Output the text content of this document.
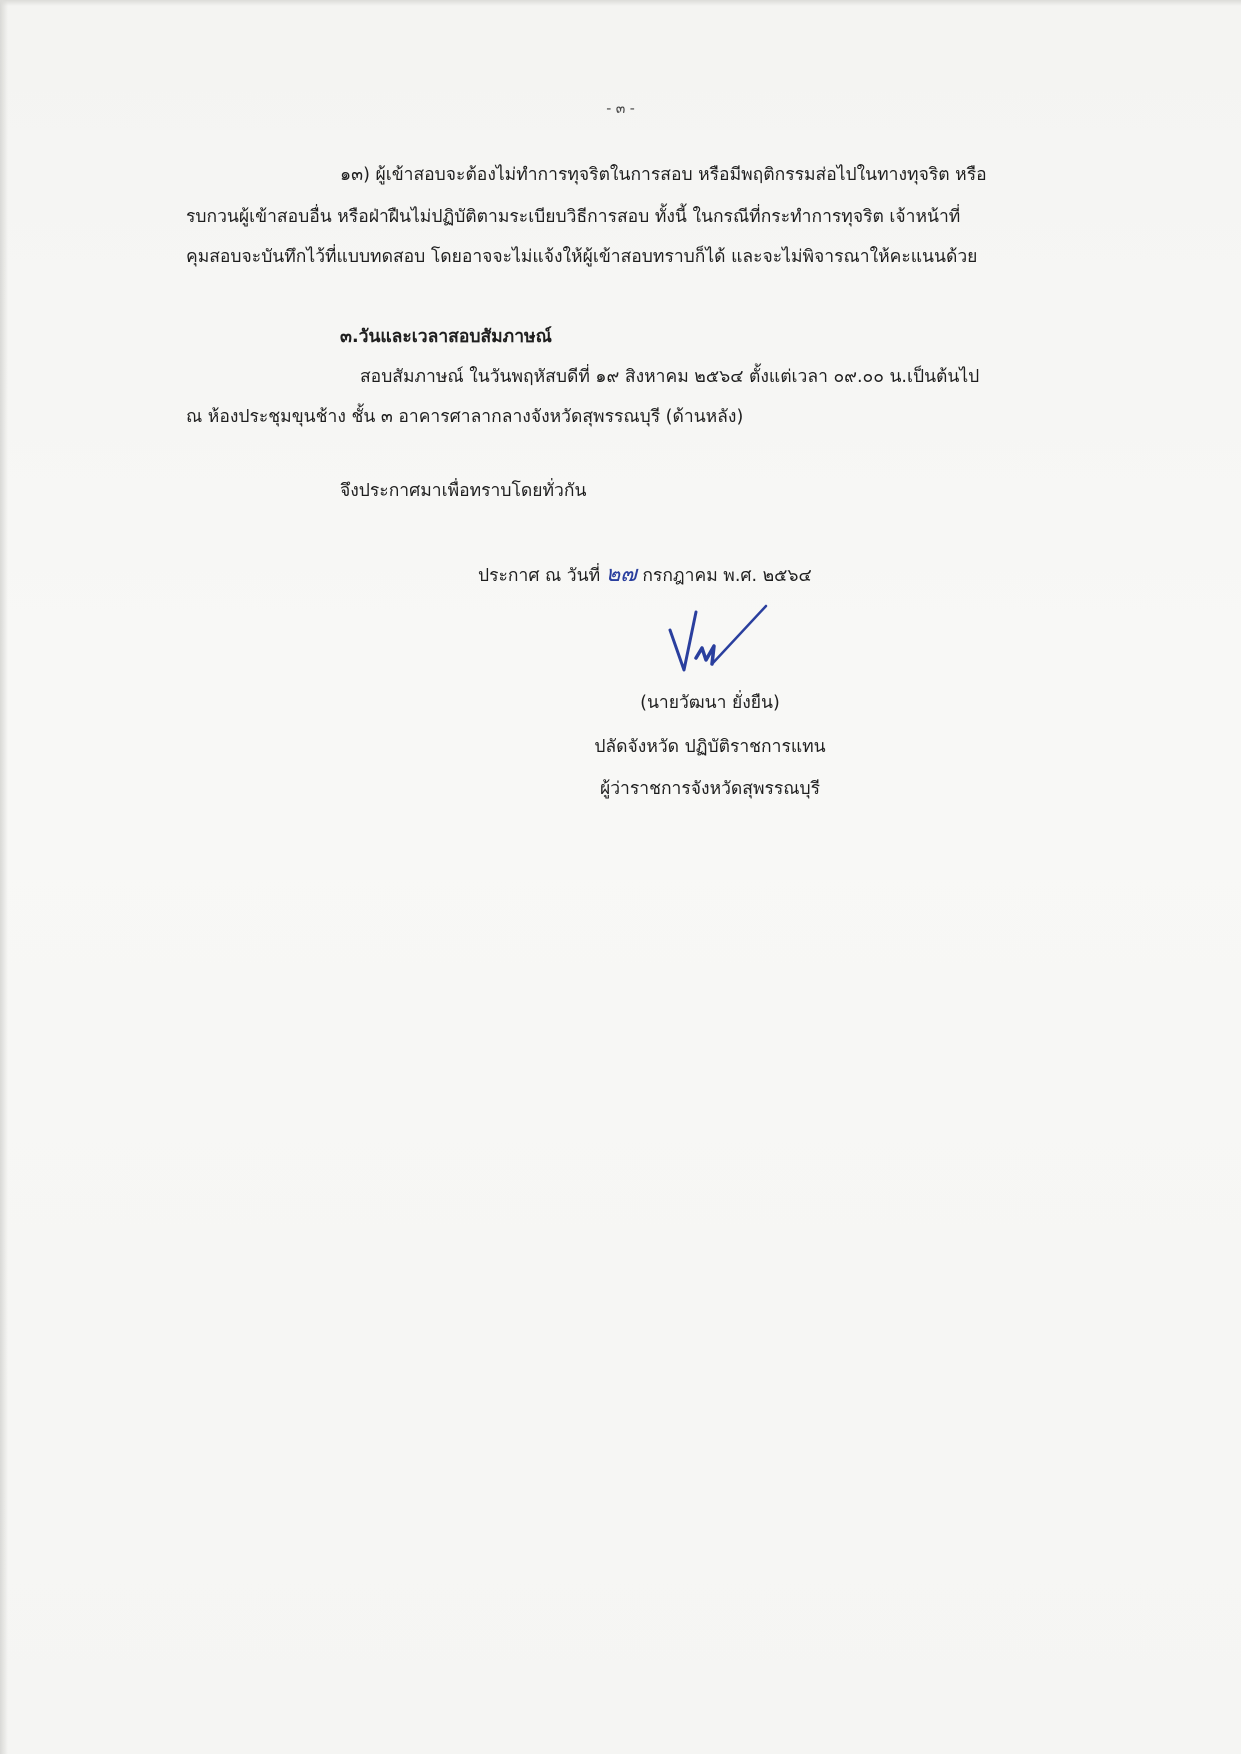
- ๓ -
๑๓) ผู้เข้าสอบจะต้องไม่ทำการทุจริตในการสอบ หรือมีพฤติกรรมส่อไปในทางทุจริต หรือ
รบกวนผู้เข้าสอบอื่น หรือฝ่าฝืนไม่ปฏิบัติตามระเบียบวิธีการสอบ ทั้งนี้ ในกรณีที่กระทำการทุจริต เจ้าหน้าที่
คุมสอบจะบันทึกไว้ที่แบบทดสอบ โดยอาจจะไม่แจ้งให้ผู้เข้าสอบทราบก็ได้ และจะไม่พิจารณาให้คะแนนด้วย
๓.วันและเวลาสอบสัมภาษณ์
สอบสัมภาษณ์ ในวันพฤหัสบดีที่ ๑๙ สิงหาคม ๒๕๖๔ ตั้งแต่เวลา ๐๙.๐๐ น.เป็นต้นไป
ณ ห้องประชุมขุนช้าง ชั้น ๓ อาคารศาลากลางจังหวัดสุพรรณบุรี (ด้านหลัง)
จึงประกาศมาเพื่อทราบโดยทั่วกัน
ประกาศ ณ วันที่ ๒๗ กรกฎาคม พ.ศ. ๒๕๖๔
(นายวัฒนา ยั่งยืน)
ปลัดจังหวัด ปฏิบัติราชการแทน
ผู้ว่าราชการจังหวัดสุพรรณบุรี
